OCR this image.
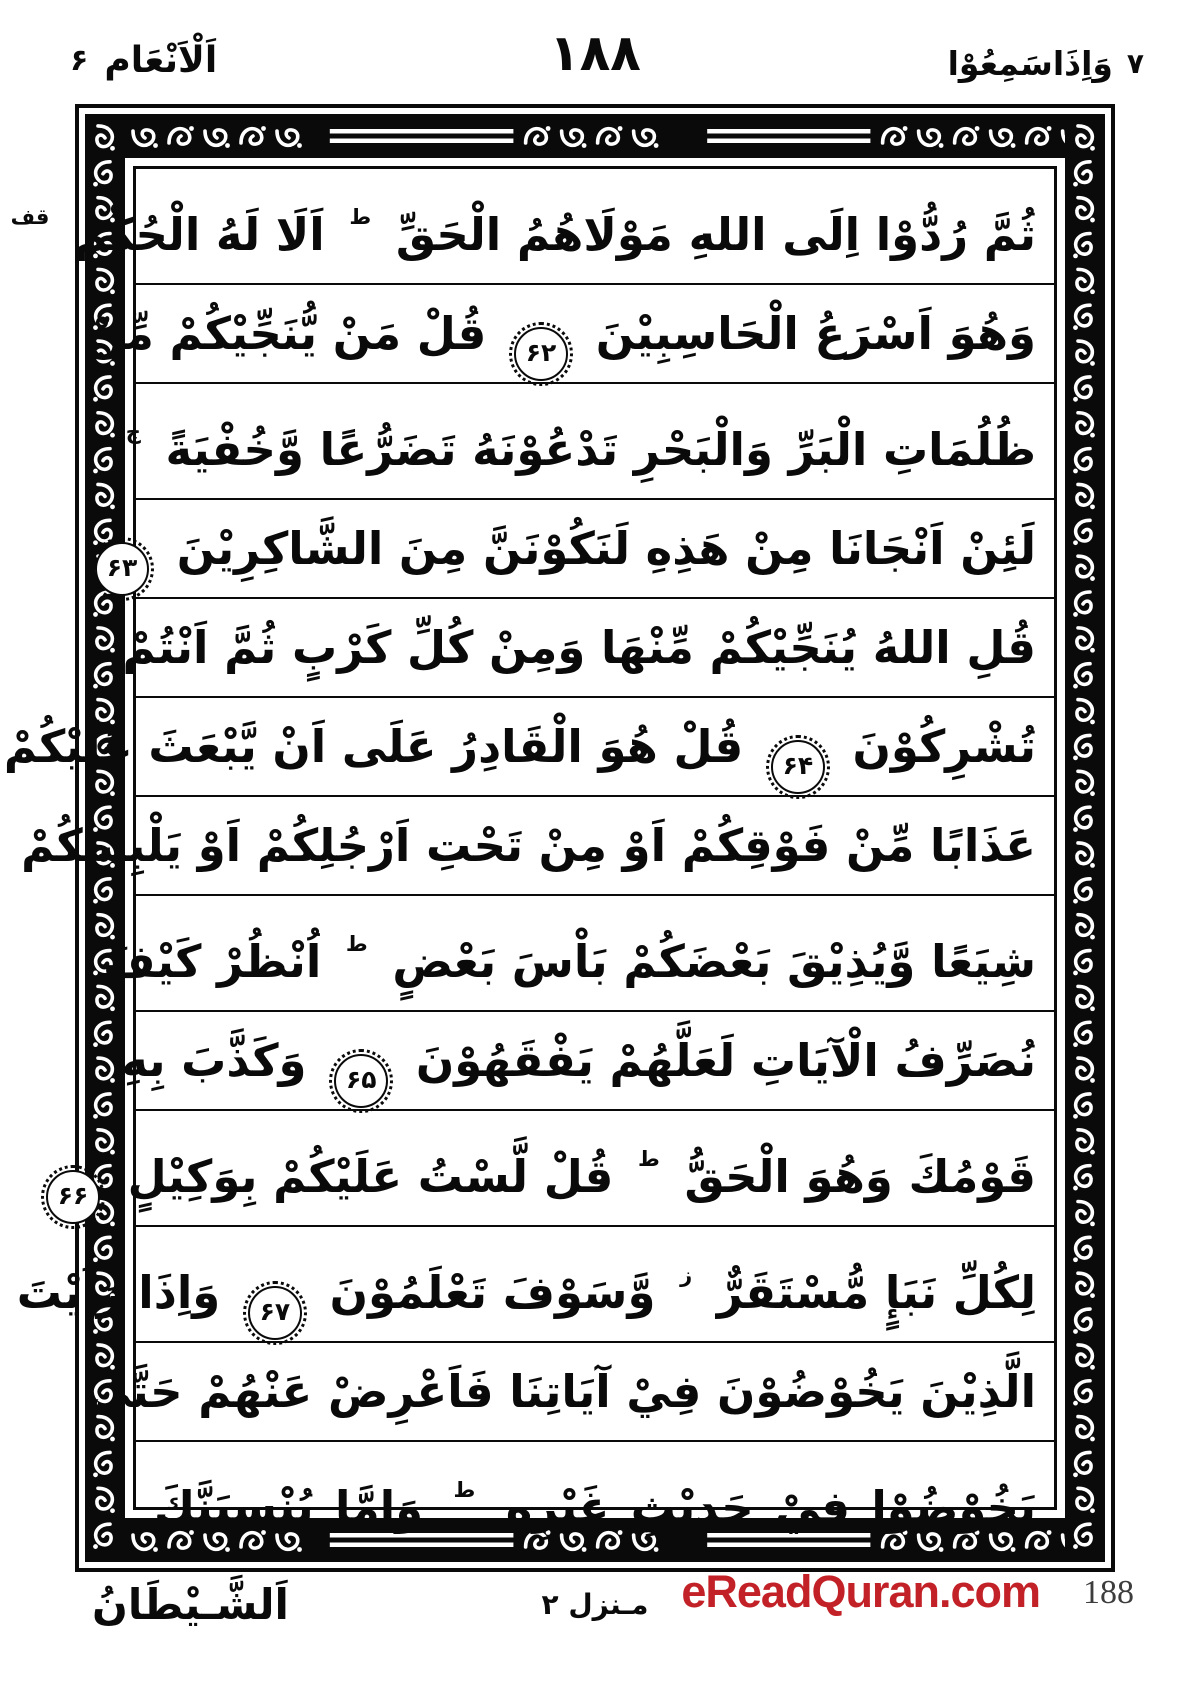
۶ اَلْاَنْعَام	١٨٨	وَاِذَاسَمِعُوْا ۷
ثُمَّ رُدُّوْا اِلَى اللهِ مَوْلَاهُمُ الْحَقِّ $^ط$ اَلَا لَهُ الْحُكْمُ $^{قف}$
وَهُوَ اَسْرَعُ الْحَاسِبِيْنَ ۶۲ قُلْ مَنْ يُّنَجِّيْكُمْ مِّنْ
ظُلُمَاتِ الْبَرِّ وَالْبَحْرِ تَدْعُوْنَهُ تَضَرُّعًا وَّخُفْيَةً $^ج$
لَئِنْ اَنْجَانَا مِنْ هَذِهِ لَنَكُوْنَنَّ مِنَ الشَّاكِرِيْنَ ۶۳
قُلِ اللهُ يُنَجِّيْكُمْ مِّنْهَا وَمِنْ كُلِّ كَرْبٍ ثُمَّ اَنْتُمْ
تُشْرِكُوْنَ ۶۴ قُلْ هُوَ الْقَادِرُ عَلَى اَنْ يَّبْعَثَ عَلَيْكُمْ
عَذَابًا مِّنْ فَوْقِكُمْ اَوْ مِنْ تَحْتِ اَرْجُلِكُمْ اَوْ يَلْبِسَكُمْ
شِيَعًا وَّيُذِيْقَ بَعْضَكُمْ بَاْسَ بَعْضٍ $^ط$ اُنْظُرْ كَيْفَ
نُصَرِّفُ الْآيَاتِ لَعَلَّهُمْ يَفْقَهُوْنَ ۶۵ وَكَذَّبَ بِهِ
قَوْمُكَ وَهُوَ الْحَقُّ $^ط$ قُلْ لَّسْتُ عَلَيْكُمْ بِوَكِيْلٍ ۶۶
لِكُلِّ نَبَإٍ مُّسْتَقَرٌّ $^ز$ وَّسَوْفَ تَعْلَمُوْنَ ۶۷ وَاِذَا رَاَيْتَ
الَّذِيْنَ يَخُوْضُوْنَ فِيْ آيَاتِنَا فَاَعْرِضْ عَنْهُمْ حَتَّى
يَخُوْضُوْا فِيْ حَدِيْثٍ غَيْرِهِ $^ط$ وَاِمَّا يُنْسِيَنَّكَ
اَلشَّـيْطَانُ	مـنزل ۲ eReadQuran.com 188
